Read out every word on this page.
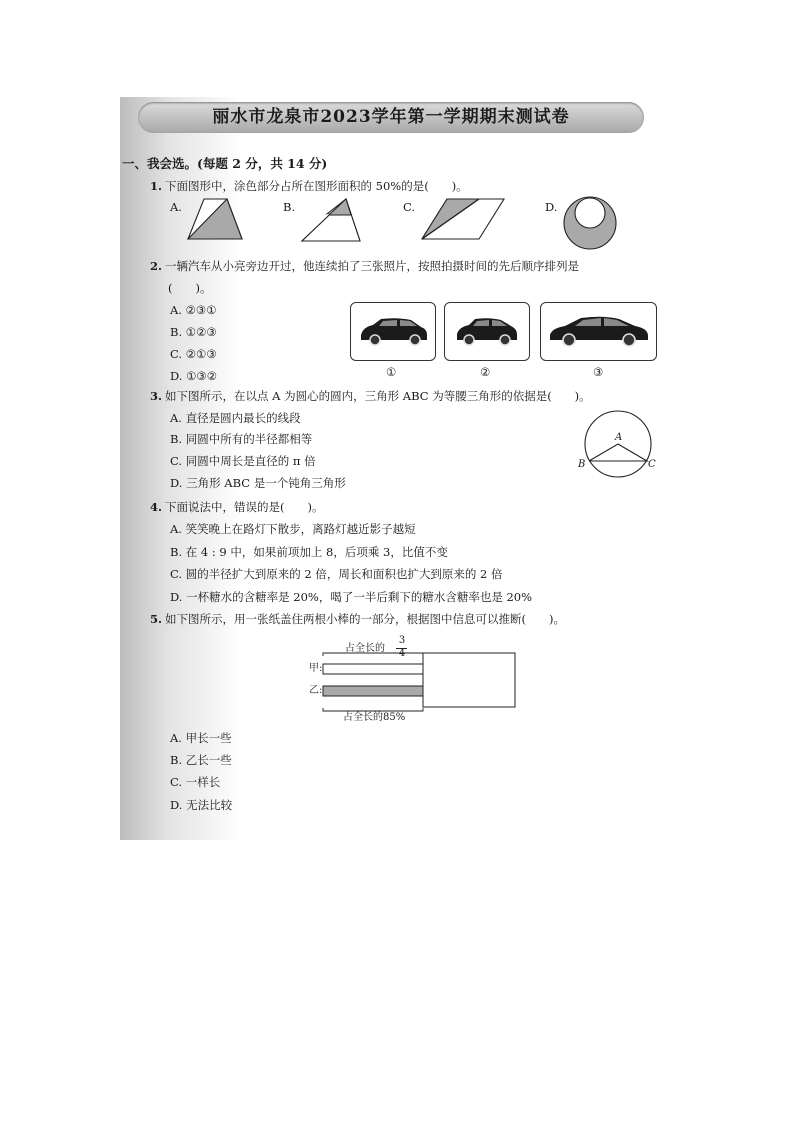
丽水市龙泉市2023学年第一学期期末测试卷
一、我会选。(每题 2 分，共 14 分)
1. 下面图形中，涂色部分占所在图形面积的 50%的是(　　)。
A.	B.	C.	D.
2. 一辆汽车从小亮旁边开过，他连续拍了三张照片，按照拍摄时间的先后顺序排列是
(　　)。
A. ②③①
B. ①②③
C. ②①③
D. ①③②	①	②	③
3. 如下图所示，在以点 A 为圆心的圆内，三角形 ABC 为等腰三角形的依据是(　　)。
A. 直径是圆内最长的线段
B. 同圆中所有的半径都相等
C. 同圆中周长是直径的 π 倍
D. 三角形 ABC 是一个钝角三角形
A
B	C
4. 下面说法中，错误的是(　　)。
A. 笑笑晚上在路灯下散步，离路灯越近影子越短
B. 在 4 : 9 中，如果前项加上 8，后项乘 3，比值不变
C. 圆的半径扩大到原来的 2 倍，周长和面积也扩大到原来的 2 倍
D. 一杯糖水的含糖率是 20%，喝了一半后剩下的糖水含糖率也是 20%
5. 如下图所示，用一张纸盖住两根小棒的一部分，根据图中信息可以推断(　　)。
占全长的
3
4
甲:
乙:
占全长的85%
A. 甲长一些
B. 乙长一些
C. 一样长
D. 无法比较
